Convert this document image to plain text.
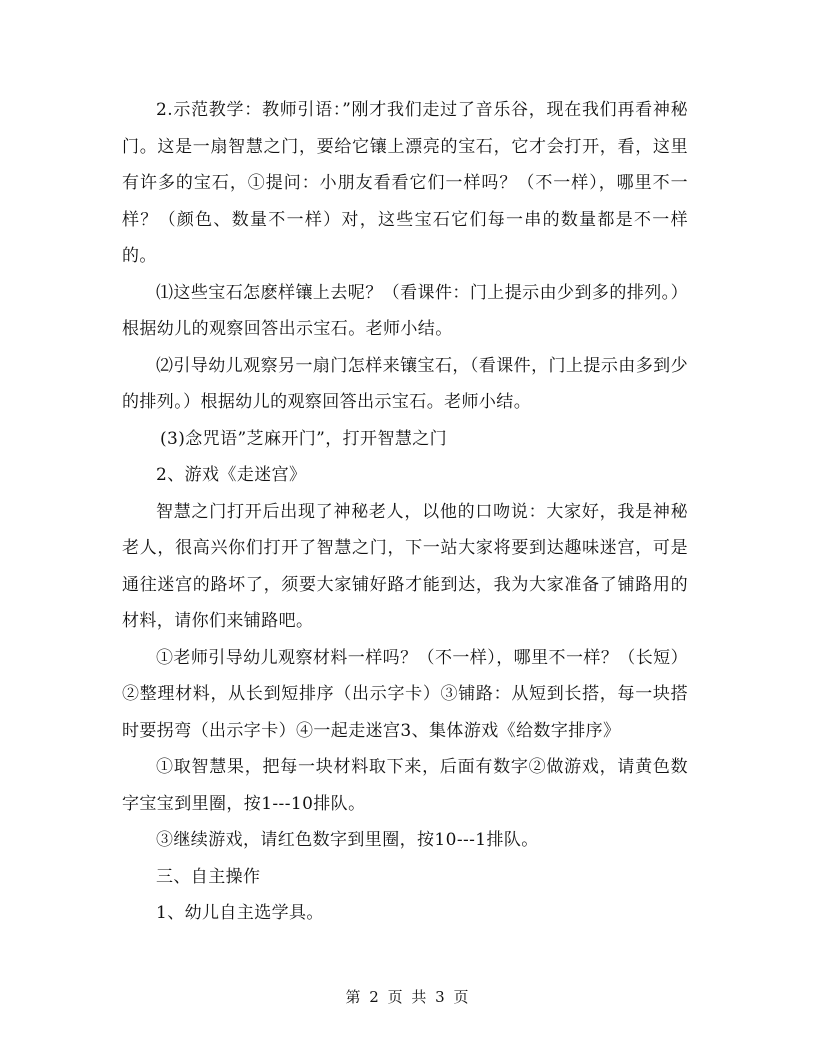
2.示范教学：教师引语：”刚才我们走过了音乐谷，现在我们再看神秘门。这是一扇智慧之门，要给它镶上漂亮的宝石，它才会打开，看，这里有许多的宝石，①提问：小朋友看看它们一样吗？（不一样），哪里不一样？（颜色、数量不一样）对，这些宝石它们每一串的数量都是不一样的。

⑴这些宝石怎麽样镶上去呢？（看课件：门上提示由少到多的排列。）根据幼儿的观察回答出示宝石。老师小结。

⑵引导幼儿观察另一扇门怎样来镶宝石，（看课件，门上提示由多到少的排列。）根据幼儿的观察回答出示宝石。老师小结。

(3)念咒语”芝麻开门”，打开智慧之门

2、游戏《走迷宫》

智慧之门打开后出现了神秘老人，以他的口吻说：大家好，我是神秘老人，很高兴你们打开了智慧之门，下一站大家将要到达趣味迷宫，可是通往迷宫的路坏了，须要大家铺好路才能到达，我为大家准备了铺路用的材料，请你们来铺路吧。

①老师引导幼儿观察材料一样吗？（不一样），哪里不一样？（长短）②整理材料，从长到短排序（出示字卡）③铺路：从短到长搭，每一块搭时要拐弯（出示字卡）④一起走迷宫3、集体游戏《给数字排序》

①取智慧果，把每一块材料取下来，后面有数字②做游戏，请黄色数字宝宝到里圈，按1---10排队。

③继续游戏，请红色数字到里圈，按10---1排队。

三、自主操作

1、幼儿自主选学具。

第 2 页 共 3 页
